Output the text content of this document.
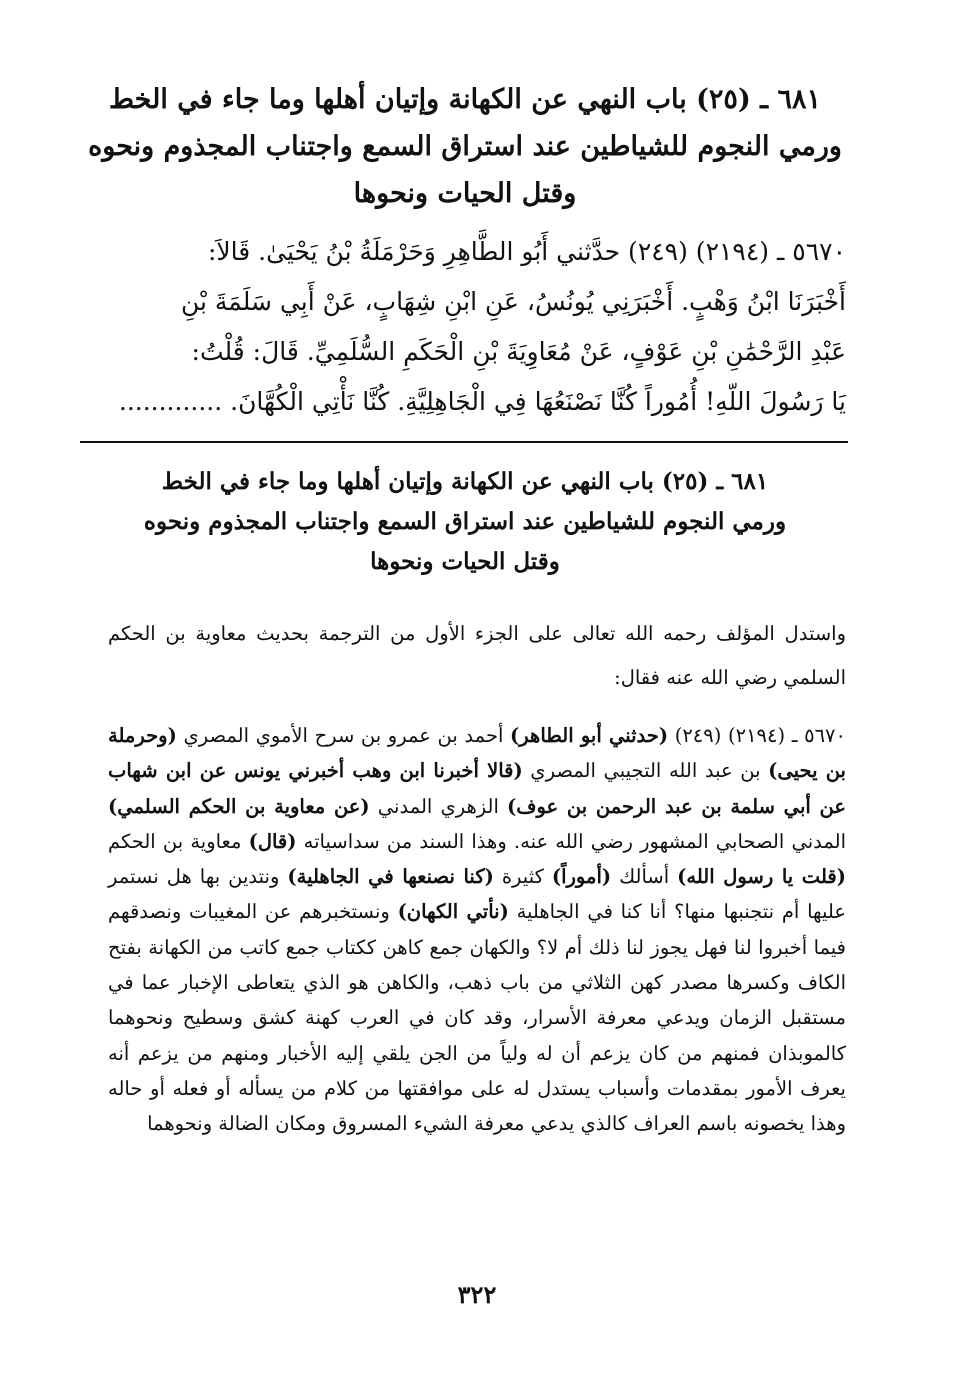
٦٨١ ـ (٢٥) باب النهي عن الكهانة وإتيان أهلها وما جاء في الخط
ورمي النجوم للشياطين عند استراق السمع واجتناب المجذوم ونحوه
وقتل الحيات ونحوها
٥٦٧٠ ـ (٢١٩٤) (٢٤٩) حدَّثني أَبُو الطَّاهِرِ وَحَرْمَلَةُ بْنُ يَحْيَىٰ. قَالاَ:
أَخْبَرَنَا ابْنُ وَهْبٍ. أَخْبَرَنِي يُونُسُ، عَنِ ابْنِ شِهَابٍ، عَنْ أَبِي سَلَمَةَ بْنِ
عَبْدِ الرَّحْمَٰنِ بْنِ عَوْفٍ، عَنْ مُعَاوِيَةَ بْنِ الْحَكَمِ السُّلَمِيِّ. قَالَ: قُلْتُ:
يَا رَسُولَ اللّهِ! أُمُوراً كُنَّا نَصْنَعُهَا فِي الْجَاهِلِيَّةِ. كُنَّا نَأْتِي الْكُهَّانَ. .............
٦٨١ ـ (٢٥) باب النهي عن الكهانة وإتيان أهلها وما جاء في الخط
ورمي النجوم للشياطين عند استراق السمع واجتناب المجذوم ونحوه
وقتل الحيات ونحوها
واستدل المؤلف رحمه الله تعالى على الجزء الأول من الترجمة بحديث معاوية بن الحكم السلمي رضي الله عنه فقال:
٥٦٧٠ ـ (٢١٩٤) (٢٤٩) (حدثني أبو الطاهر) أحمد بن عمرو بن سرح الأموي المصري (وحرملة بن يحيى) بن عبد الله التجيبي المصري (قالا أخبرنا ابن وهب أخبرني يونس عن ابن شهاب عن أبي سلمة بن عبد الرحمن بن عوف) الزهري المدني (عن معاوية بن الحكم السلمي) المدني الصحابي المشهور رضي الله عنه. وهذا السند من سداسياته (قال) معاوية بن الحكم (قلت يا رسول الله) أسألك (أموراً) كثيرة (كنا نصنعها في الجاهلية) ونتدين بها هل نستمر عليها أم نتجنبها منها؟ أنا كنا في الجاهلية (نأتي الكهان) ونستخبرهم عن المغيبات ونصدقهم فيما أخبروا لنا فهل يجوز لنا ذلك أم لا؟ والكهان جمع كاهن ككتاب جمع كاتب من الكهانة بفتح الكاف وكسرها مصدر كهن الثلاثي من باب ذهب، والكاهن هو الذي يتعاطى الإخبار عما في مستقبل الزمان ويدعي معرفة الأسرار، وقد كان في العرب كهنة كشق وسطيح ونحوهما كالموبذان فمنهم من كان يزعم أن له ولياً من الجن يلقي إليه الأخبار ومنهم من يزعم أنه يعرف الأمور بمقدمات وأسباب يستدل له على موافقتها من كلام من يسأله أو فعله أو حاله وهذا يخصونه باسم العراف كالذي يدعي معرفة الشيء المسروق ومكان الضالة ونحوهما
٣٢٢
